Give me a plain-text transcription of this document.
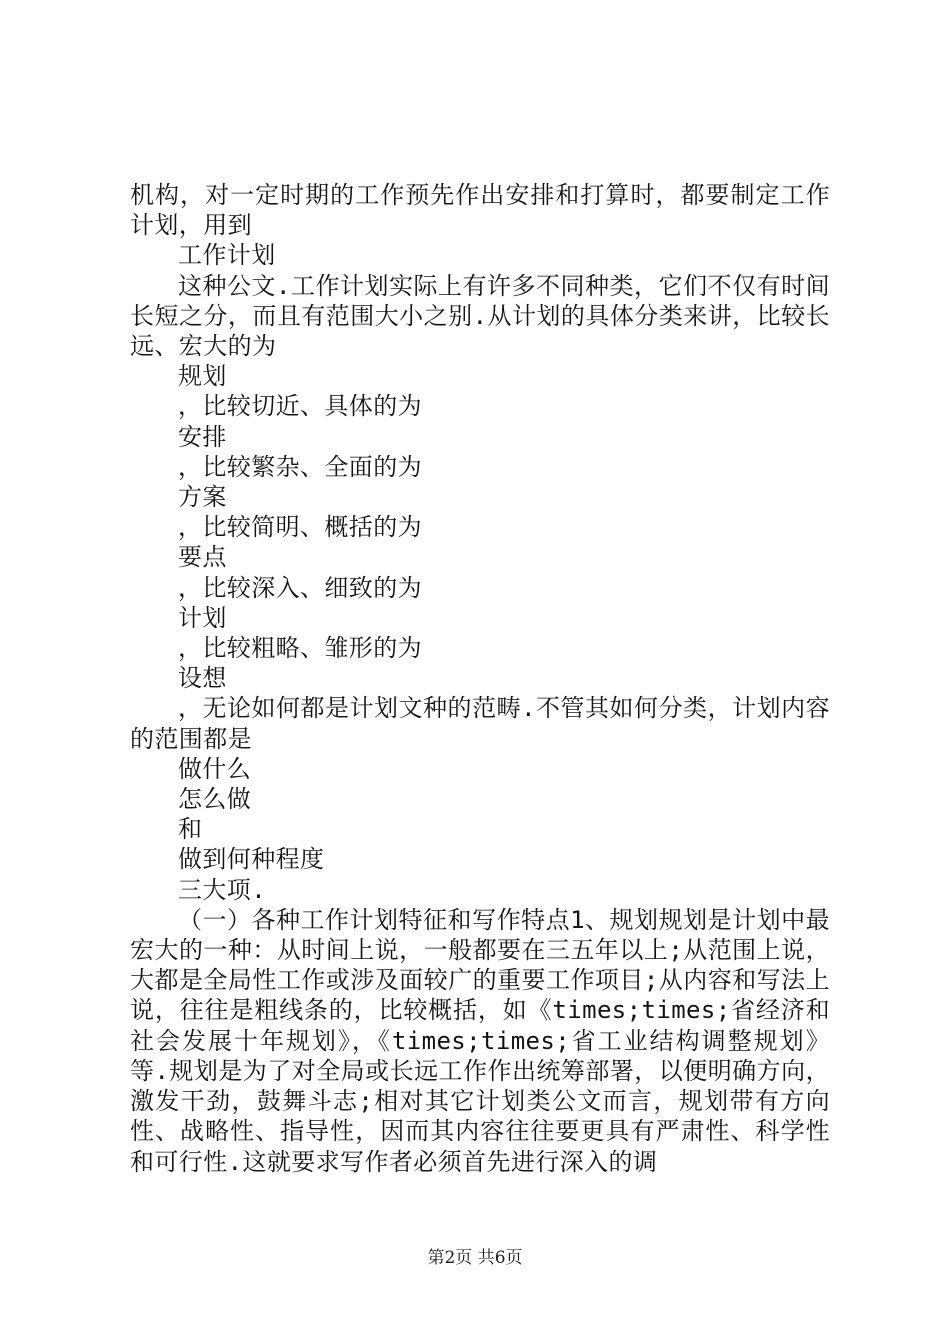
机构，对一定时期的工作预先作出安排和打算时，都要制定工作计划，用到

工作计划

这种公文.工作计划实际上有许多不同种类，它们不仅有时间长短之分，而且有范围大小之别.从计划的具体分类来讲，比较长远、宏大的为

规划

，比较切近、具体的为

安排

，比较繁杂、全面的为

方案

，比较简明、概括的为

要点

，比较深入、细致的为

计划

，比较粗略、雏形的为

设想

，无论如何都是计划文种的范畴.不管其如何分类，计划内容的范围都是

做什么

怎么做

和

做到何种程度

三大项.

（一）各种工作计划特征和写作特点1、规划规划是计划中最宏大的一种：从时间上说，一般都要在三五年以上;从范围上说，大都是全局性工作或涉及面较广的重要工作项目;从内容和写法上说，往往是粗线条的，比较概括，如《times;times;省经济和社会发展十年规划》，《times;times;省工业结构调整规划》等.规划是为了对全局或长远工作作出统筹部署，以便明确方向，激发干劲，鼓舞斗志;相对其它计划类公文而言，规划带有方向性、战略性、指导性，因而其内容往往要更具有严肃性、科学性和可行性.这就要求写作者必须首先进行深入的调

第2页 共6页
